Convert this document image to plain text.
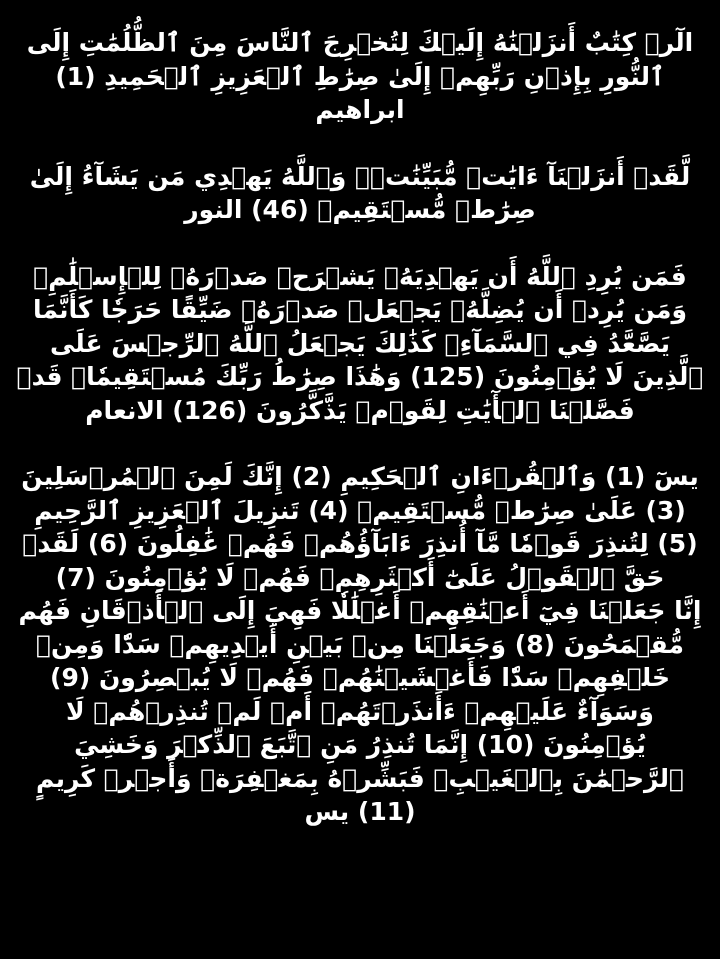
الٓرۚ كِتَٰبٌ أَنزَلۡنَٰهُ إِلَيۡكَ لِتُخۡرِجَ ٱلنَّاسَ مِنَ ٱلظُّلُمَٰتِ إِلَى ٱلنُّورِ بِإِذۡنِ رَبِّهِمۡ إِلَىٰ صِرَٰطِ ٱلۡعَزِيزِ ٱلۡحَمِيدِ (1) ابراهيم

لَّقَدۡ أَنزَلۡنَآ ءَايَٰتٖ مُّبَيِّنَٰتٖۚ وَٱللَّهُ يَهۡدِي مَن يَشَآءُ إِلَىٰ صِرَٰطٖ مُّسۡتَقِيمٖ (46) النور

فَمَن يُرِدِ ٱللَّهُ أَن يَهۡدِيَهُۥ يَشۡرَحۡ صَدۡرَهُۥ لِلۡإِسۡلَٰمِۖ وَمَن يُرِدۡ أَن يُضِلَّهُۥ يَجۡعَلۡ صَدۡرَهُۥ ضَيِّقًا حَرَجٗا كَأَنَّمَا يَصَّعَّدُ فِي ٱلسَّمَآءِۚ كَذَٰلِكَ يَجۡعَلُ ٱللَّهُ ٱلرِّجۡسَ عَلَى ٱلَّذِينَ لَا يُؤۡمِنُونَ (125) وَهَٰذَا صِرَٰطُ رَبِّكَ مُسۡتَقِيمٗاۗ قَدۡ فَصَّلۡنَا ٱلۡأٓيَٰتِ لِقَوۡمٖ يَذَّكَّرُونَ (126) الانعام

يسٓ (1) وَٱلۡقُرۡءَانِ ٱلۡحَكِيمِ (2) إِنَّكَ لَمِنَ ٱلۡمُرۡسَلِينَ (3) عَلَىٰ صِرَٰطٖ مُّسۡتَقِيمٖ (4) تَنزِيلَ ٱلۡعَزِيزِ ٱلرَّحِيمِ (5) لِتُنذِرَ قَوۡمٗا مَّآ أُنذِرَ ءَابَآؤُهُمۡ فَهُمۡ غَٰفِلُونَ (6) لَقَدۡ حَقَّ ٱلۡقَوۡلُ عَلَىٰٓ أَكۡثَرِهِمۡ فَهُمۡ لَا يُؤۡمِنُونَ (7)

إِنَّا جَعَلۡنَا فِيٓ أَعۡنَٰقِهِمۡ أَغۡلَٰلٗا فَهِيَ إِلَى ٱلۡأَذۡقَانِ فَهُم مُّقۡمَحُونَ (8) وَجَعَلۡنَا مِنۢ بَيۡنِ أَيۡدِيهِمۡ سَدّٗا وَمِنۡ خَلۡفِهِمۡ سَدّٗا فَأَغۡشَيۡنَٰهُمۡ فَهُمۡ لَا يُبۡصِرُونَ (9) وَسَوَآءٌ عَلَيۡهِمۡ ءَأَنذَرۡتَهُمۡ أَمۡ لَمۡ تُنذِرۡهُمۡ لَا يُؤۡمِنُونَ (10) إِنَّمَا تُنذِرُ مَنِ ٱتَّبَعَ ٱلذِّكۡرَ وَخَشِيَ ٱلرَّحۡمَٰنَ بِٱلۡغَيۡبِۖ فَبَشِّرۡهُ بِمَغۡفِرَةٖ وَأَجۡرٖ كَرِيمٍ (11) يس
